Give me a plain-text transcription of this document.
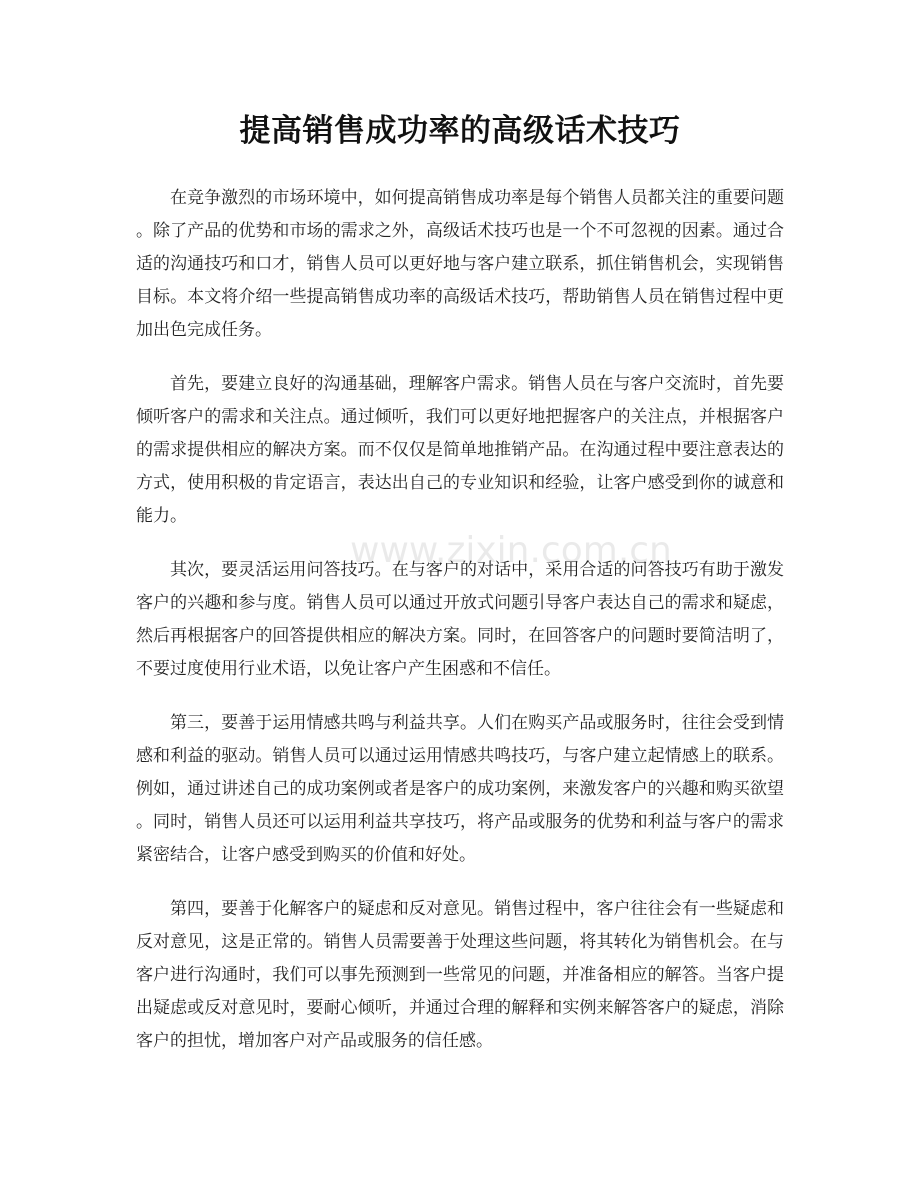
提高销售成功率的高级话术技巧

在竞争激烈的市场环境中，如何提高销售成功率是每个销售人员都关注的重要问题。除了产品的优势和市场的需求之外，高级话术技巧也是一个不可忽视的因素。通过合适的沟通技巧和口才，销售人员可以更好地与客户建立联系，抓住销售机会，实现销售目标。本文将介绍一些提高销售成功率的高级话术技巧，帮助销售人员在销售过程中更加出色完成任务。

首先，要建立良好的沟通基础，理解客户需求。销售人员在与客户交流时，首先要倾听客户的需求和关注点。通过倾听，我们可以更好地把握客户的关注点，并根据客户的需求提供相应的解决方案。而不仅仅是简单地推销产品。在沟通过程中要注意表达的方式，使用积极的肯定语言，表达出自己的专业知识和经验，让客户感受到你的诚意和能力。

其次，要灵活运用问答技巧。在与客户的对话中，采用合适的问答技巧有助于激发客户的兴趣和参与度。销售人员可以通过开放式问题引导客户表达自己的需求和疑虑，然后再根据客户的回答提供相应的解决方案。同时，在回答客户的问题时要简洁明了，不要过度使用行业术语，以免让客户产生困惑和不信任。

第三，要善于运用情感共鸣与利益共享。人们在购买产品或服务时，往往会受到情感和利益的驱动。销售人员可以通过运用情感共鸣技巧，与客户建立起情感上的联系。例如，通过讲述自己的成功案例或者是客户的成功案例，来激发客户的兴趣和购买欲望。同时，销售人员还可以运用利益共享技巧，将产品或服务的优势和利益与客户的需求紧密结合，让客户感受到购买的价值和好处。

第四，要善于化解客户的疑虑和反对意见。销售过程中，客户往往会有一些疑虑和反对意见，这是正常的。销售人员需要善于处理这些问题，将其转化为销售机会。在与客户进行沟通时，我们可以事先预测到一些常见的问题，并准备相应的解答。当客户提出疑虑或反对意见时，要耐心倾听，并通过合理的解释和实例来解答客户的疑虑，消除客户的担忧，增加客户对产品或服务的信任感。

www.zixin.com.cn
